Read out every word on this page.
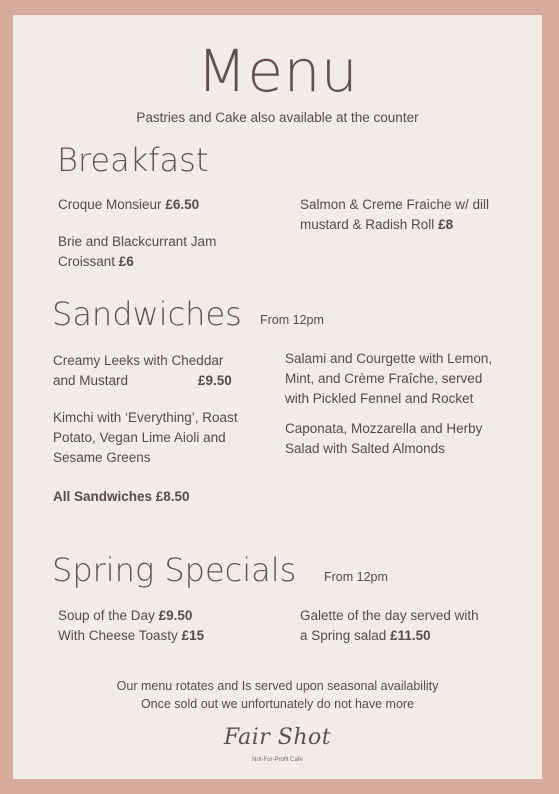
Menu
Pastries and Cake also available at the counter
Breakfast
Croque Monsieur £6.50
Brie and Blackcurrant Jam Croissant £6
Salmon & Creme Fraiche w/ dill mustard & Radish Roll £8
Sandwiches From 12pm
Creamy Leeks with Cheddar and Mustard	£9.50
Kimchi with ‘Everything’, Roast Potato, Vegan Lime Aioli and Sesame Greens
Salami and Courgette with Lemon, Mint, and Crème Fraîche, served with Pickled Fennel and Rocket
Caponata, Mozzarella and Herby Salad with Salted Almonds
All Sandwiches £8.50
Spring Specials From 12pm
Soup of the Day £9.50
With Cheese Toasty £15
Galette of the day served with
a Spring salad £11.50
Our menu rotates and Is served upon seasonal availability
Once sold out we unfortunately do not have more
Fair Shot
Not-For-Profit Cafe
